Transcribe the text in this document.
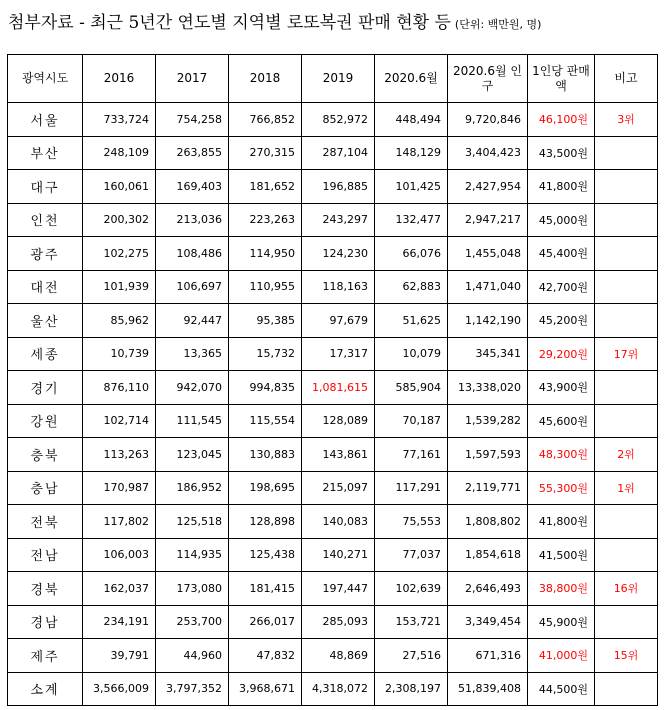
첨부자료 - 최근 5년간 연도별 지역별 로또복권 판매 현황 등 (단위: 백만원, 명)
광역시도	2016	2017	2018	2019	2020.6월	2020.6월 인구	1인당 판매액	비고
서울	733,724	754,258	766,852	852,972	448,494	9,720,846	46,100원	3위
부산	248,109	263,855	270,315	287,104	148,129	3,404,423	43,500원	
대구	160,061	169,403	181,652	196,885	101,425	2,427,954	41,800원	
인천	200,302	213,036	223,263	243,297	132,477	2,947,217	45,000원	
광주	102,275	108,486	114,950	124,230	66,076	1,455,048	45,400원	
대전	101,939	106,697	110,955	118,163	62,883	1,471,040	42,700원	
울산	85,962	92,447	95,385	97,679	51,625	1,142,190	45,200원	
세종	10,739	13,365	15,732	17,317	10,079	345,341	29,200원	17위
경기	876,110	942,070	994,835	1,081,615	585,904	13,338,020	43,900원	
강원	102,714	111,545	115,554	128,089	70,187	1,539,282	45,600원	
충북	113,263	123,045	130,883	143,861	77,161	1,597,593	48,300원	2위
충남	170,987	186,952	198,695	215,097	117,291	2,119,771	55,300원	1위
전북	117,802	125,518	128,898	140,083	75,553	1,808,802	41,800원	
전남	106,003	114,935	125,438	140,271	77,037	1,854,618	41,500원	
경북	162,037	173,080	181,415	197,447	102,639	2,646,493	38,800원	16위
경남	234,191	253,700	266,017	285,093	153,721	3,349,454	45,900원	
제주	39,791	44,960	47,832	48,869	27,516	671,316	41,000원	15위
소계	3,566,009	3,797,352	3,968,671	4,318,072	2,308,197	51,839,408	44,500원	
